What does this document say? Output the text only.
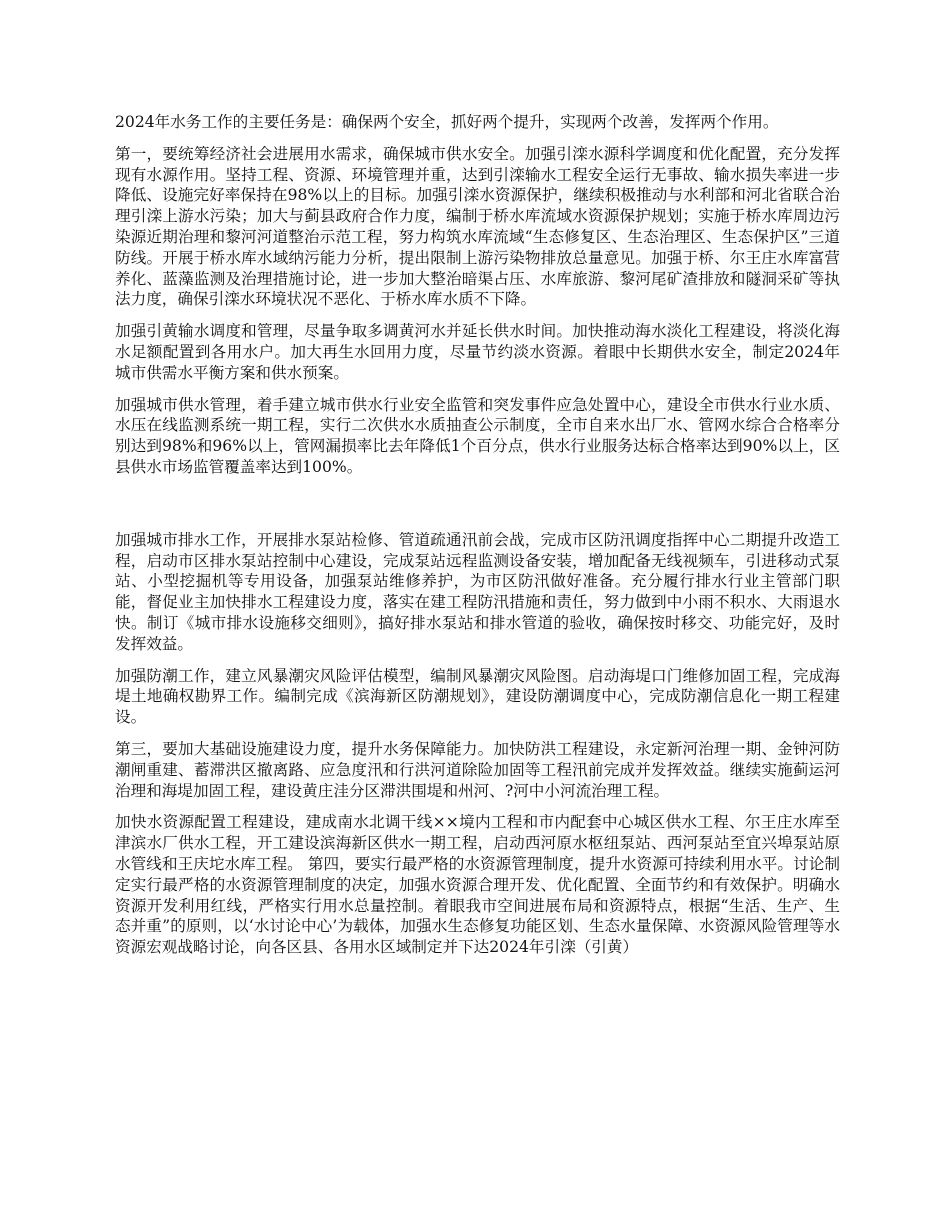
2024年水务工作的主要任务是：确保两个安全，抓好两个提升，实现两个改善，发挥两个作用。

第一，要统筹经济社会进展用水需求，确保城市供水安全。加强引滦水源科学调度和优化配置，充分发挥现有水源作用。坚持工程、资源、环境管理并重，达到引滦输水工程安全运行无事故、输水损失率进一步降低、设施完好率保持在98%以上的目标。加强引滦水资源保护，继续积极推动与水利部和河北省联合治理引滦上游水污染；加大与蓟县政府合作力度，编制于桥水库流域水资源保护规划；实施于桥水库周边污染源近期治理和黎河河道整治示范工程，努力构筑水库流域“生态修复区、生态治理区、生态保护区”三道防线。开展于桥水库水域纳污能力分析，提出限制上游污染物排放总量意见。加强于桥、尔王庄水库富营养化、蓝藻监测及治理措施讨论，进一步加大整治暗渠占压、水库旅游、黎河尾矿渣排放和隧洞采矿等执法力度，确保引滦水环境状况不恶化、于桥水库水质不下降。

加强引黄输水调度和管理，尽量争取多调黄河水并延长供水时间。加快推动海水淡化工程建设，将淡化海水足额配置到各用水户。加大再生水回用力度，尽量节约淡水资源。着眼中长期供水安全，制定2024年城市供需水平衡方案和供水预案。

加强城市供水管理，着手建立城市供水行业安全监管和突发事件应急处置中心，建设全市供水行业水质、水压在线监测系统一期工程，实行二次供水水质抽查公示制度，全市自来水出厂水、管网水综合合格率分别达到98%和96%以上，管网漏损率比去年降低1个百分点，供水行业服务达标合格率达到90%以上，区县供水市场监管覆盖率达到100%。

加强城市排水工作，开展排水泵站检修、管道疏通汛前会战，完成市区防汛调度指挥中心二期提升改造工程，启动市区排水泵站控制中心建设，完成泵站远程监测设备安装，增加配备无线视频车，引进移动式泵站、小型挖掘机等专用设备，加强泵站维修养护，为市区防汛做好准备。充分履行排水行业主管部门职能，督促业主加快排水工程建设力度，落实在建工程防汛措施和责任，努力做到中小雨不积水、大雨退水快。制订《城市排水设施移交细则》，搞好排水泵站和排水管道的验收，确保按时移交、功能完好，及时发挥效益。

加强防潮工作，建立风暴潮灾风险评估模型，编制风暴潮灾风险图。启动海堤口门维修加固工程，完成海堤土地确权勘界工作。编制完成《滨海新区防潮规划》，建设防潮调度中心，完成防潮信息化一期工程建设。

第三，要加大基础设施建设力度，提升水务保障能力。加快防洪工程建设，永定新河治理一期、金钟河防潮闸重建、蓄滞洪区撤离路、应急度汛和行洪河道除险加固等工程汛前完成并发挥效益。继续实施蓟运河治理和海堤加固工程，建设黄庄洼分区滞洪围堤和州河、?河中小河流治理工程。

加快水资源配置工程建设，建成南水北调干线××境内工程和市内配套中心城区供水工程、尔王庄水库至津滨水厂供水工程，开工建设滨海新区供水一期工程，启动西河原水枢纽泵站、西河泵站至宜兴埠泵站原水管线和王庆坨水库工程。 第四，要实行最严格的水资源管理制度，提升水资源可持续利用水平。讨论制定实行最严格的水资源管理制度的决定，加强水资源合理开发、优化配置、全面节约和有效保护。明确水资源开发利用红线，严格实行用水总量控制。着眼我市空间进展布局和资源特点，根据“生活、生产、生态并重”的原则，以‘水讨论中心’为载体，加强水生态修复功能区划、生态水量保障、水资源风险管理等水资源宏观战略讨论，向各区县、各用水区域制定并下达2024年引滦（引黄）
